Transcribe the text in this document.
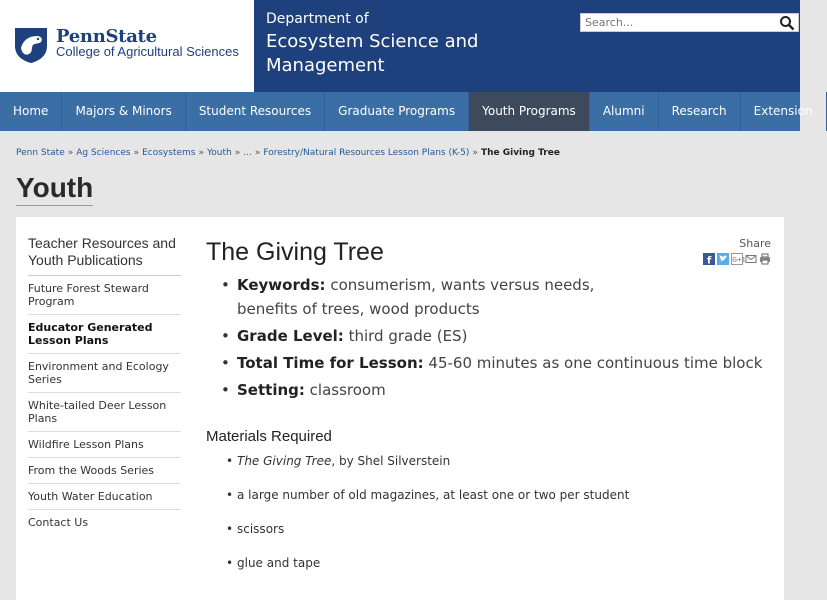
PennState
College of Agricultural Sciences
Department of
Ecosystem Science and Management
Search...
Home	Majors & Minors	Student Resources	Graduate Programs	Youth Programs	Alumni	Research	Extension
Penn State » Ag Sciences » Ecosystems » Youth » ... » Forestry/Natural Resources Lesson Plans (K-5) » The Giving Tree
Youth
Teacher Resources and Youth Publications
Future Forest Steward Program
Educator Generated Lesson Plans
Environment and Ecology Series
White-tailed Deer Lesson Plans
Wildfire Lesson Plans
From the Woods Series
Youth Water Education
Contact Us
The Giving Tree	Share
f	G+1
• Keywords: consumerism, wants versus needs, benefits of trees, wood products
• Grade Level: third grade (ES)
• Total Time for Lesson: 45-60 minutes as one continuous time block
• Setting: classroom
Materials Required
• The Giving Tree, by Shel Silverstein
• a large number of old magazines, at least one or two per student
• scissors
• glue and tape
